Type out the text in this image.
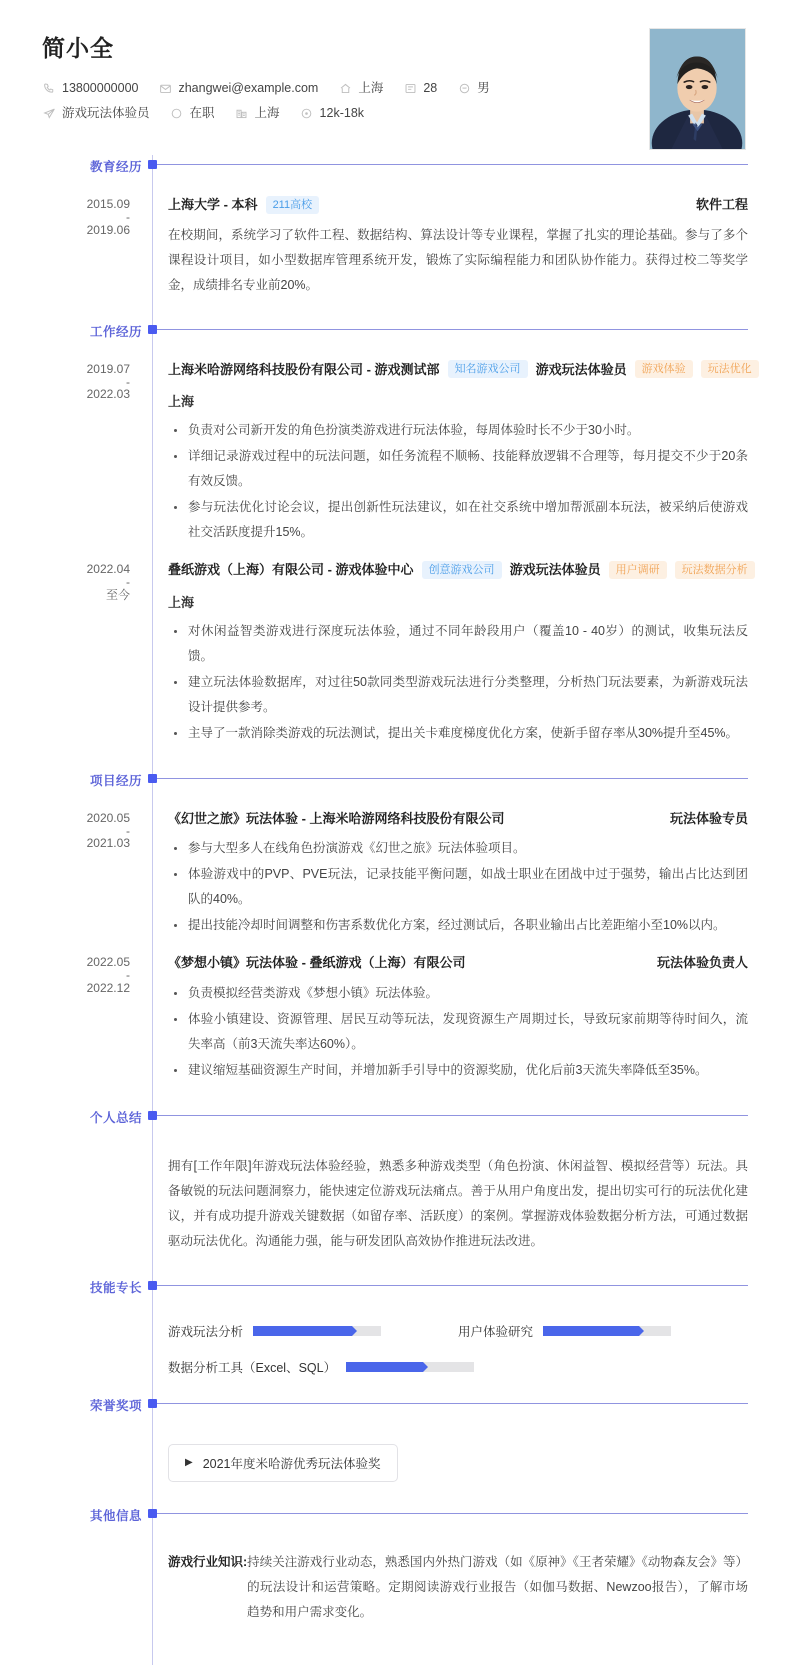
简小全
13800000000	zhangwei@example.com	上海	28	男
游戏玩法体验员	在职	上海	12k-18k
教育经历
2015.09
-
2019.06
上海大学 - 本科	211高校	软件工程
在校期间，系统学习了软件工程、数据结构、算法设计等专业课程，掌握了扎实的理论基础。参与了多个课程设计项目，如小型数据库管理系统开发，锻炼了实际编程能力和团队协作能力。获得过校二等奖学金，成绩排名专业前20%。
工作经历
2019.07
-
2022.03
上海米哈游网络科技股份有限公司 - 游戏测试部	知名游戏公司	游戏玩法体验员	游戏体验	玩法优化
上海
负责对公司新开发的角色扮演类游戏进行玩法体验，每周体验时长不少于30小时。
详细记录游戏过程中的玩法问题，如任务流程不顺畅、技能释放逻辑不合理等，每月提交不少于20条有效反馈。
参与玩法优化讨论会议，提出创新性玩法建议，如在社交系统中增加帮派副本玩法，被采纳后使游戏社交活跃度提升15%。
2022.04
-
至今
叠纸游戏（上海）有限公司 - 游戏体验中心	创意游戏公司	游戏玩法体验员	用户调研	玩法数据分析
上海
对休闲益智类游戏进行深度玩法体验，通过不同年龄段用户（覆盖10 - 40岁）的测试，收集玩法反馈。
建立玩法体验数据库，对过往50款同类型游戏玩法进行分类整理，分析热门玩法要素，为新游戏玩法设计提供参考。
主导了一款消除类游戏的玩法测试，提出关卡难度梯度优化方案，使新手留存率从30%提升至45%。
项目经历
2020.05
-
2021.03
《幻世之旅》玩法体验 - 上海米哈游网络科技股份有限公司	玩法体验专员
参与大型多人在线角色扮演游戏《幻世之旅》玩法体验项目。
体验游戏中的PVP、PVE玩法，记录技能平衡问题，如战士职业在团战中过于强势，输出占比达到团队的40%。
提出技能冷却时间调整和伤害系数优化方案，经过测试后，各职业输出占比差距缩小至10%以内。
2022.05
-
2022.12
《梦想小镇》玩法体验 - 叠纸游戏（上海）有限公司	玩法体验负责人
负责模拟经营类游戏《梦想小镇》玩法体验。
体验小镇建设、资源管理、居民互动等玩法，发现资源生产周期过长，导致玩家前期等待时间久，流失率高（前3天流失率达60%）。
建议缩短基础资源生产时间，并增加新手引导中的资源奖励，优化后前3天流失率降低至35%。
个人总结
拥有[工作年限]年游戏玩法体验经验，熟悉多种游戏类型（角色扮演、休闲益智、模拟经营等）玩法。具备敏锐的玩法问题洞察力，能快速定位游戏玩法痛点。善于从用户角度出发，提出切实可行的玩法优化建议，并有成功提升游戏关键数据（如留存率、活跃度）的案例。掌握游戏体验数据分析方法，可通过数据驱动玩法优化。沟通能力强，能与研发团队高效协作推进玩法改进。
技能专长
游戏玩法分析	用户体验研究
数据分析工具（Excel、SQL）
荣誉奖项
▶ 2021年度米哈游优秀玩法体验奖
其他信息
游戏行业知识: 持续关注游戏行业动态，熟悉国内外热门游戏（如《原神》《王者荣耀》《动物森友会》等）的玩法设计和运营策略。定期阅读游戏行业报告（如伽马数据、Newzoo报告），了解市场趋势和用户需求变化。
